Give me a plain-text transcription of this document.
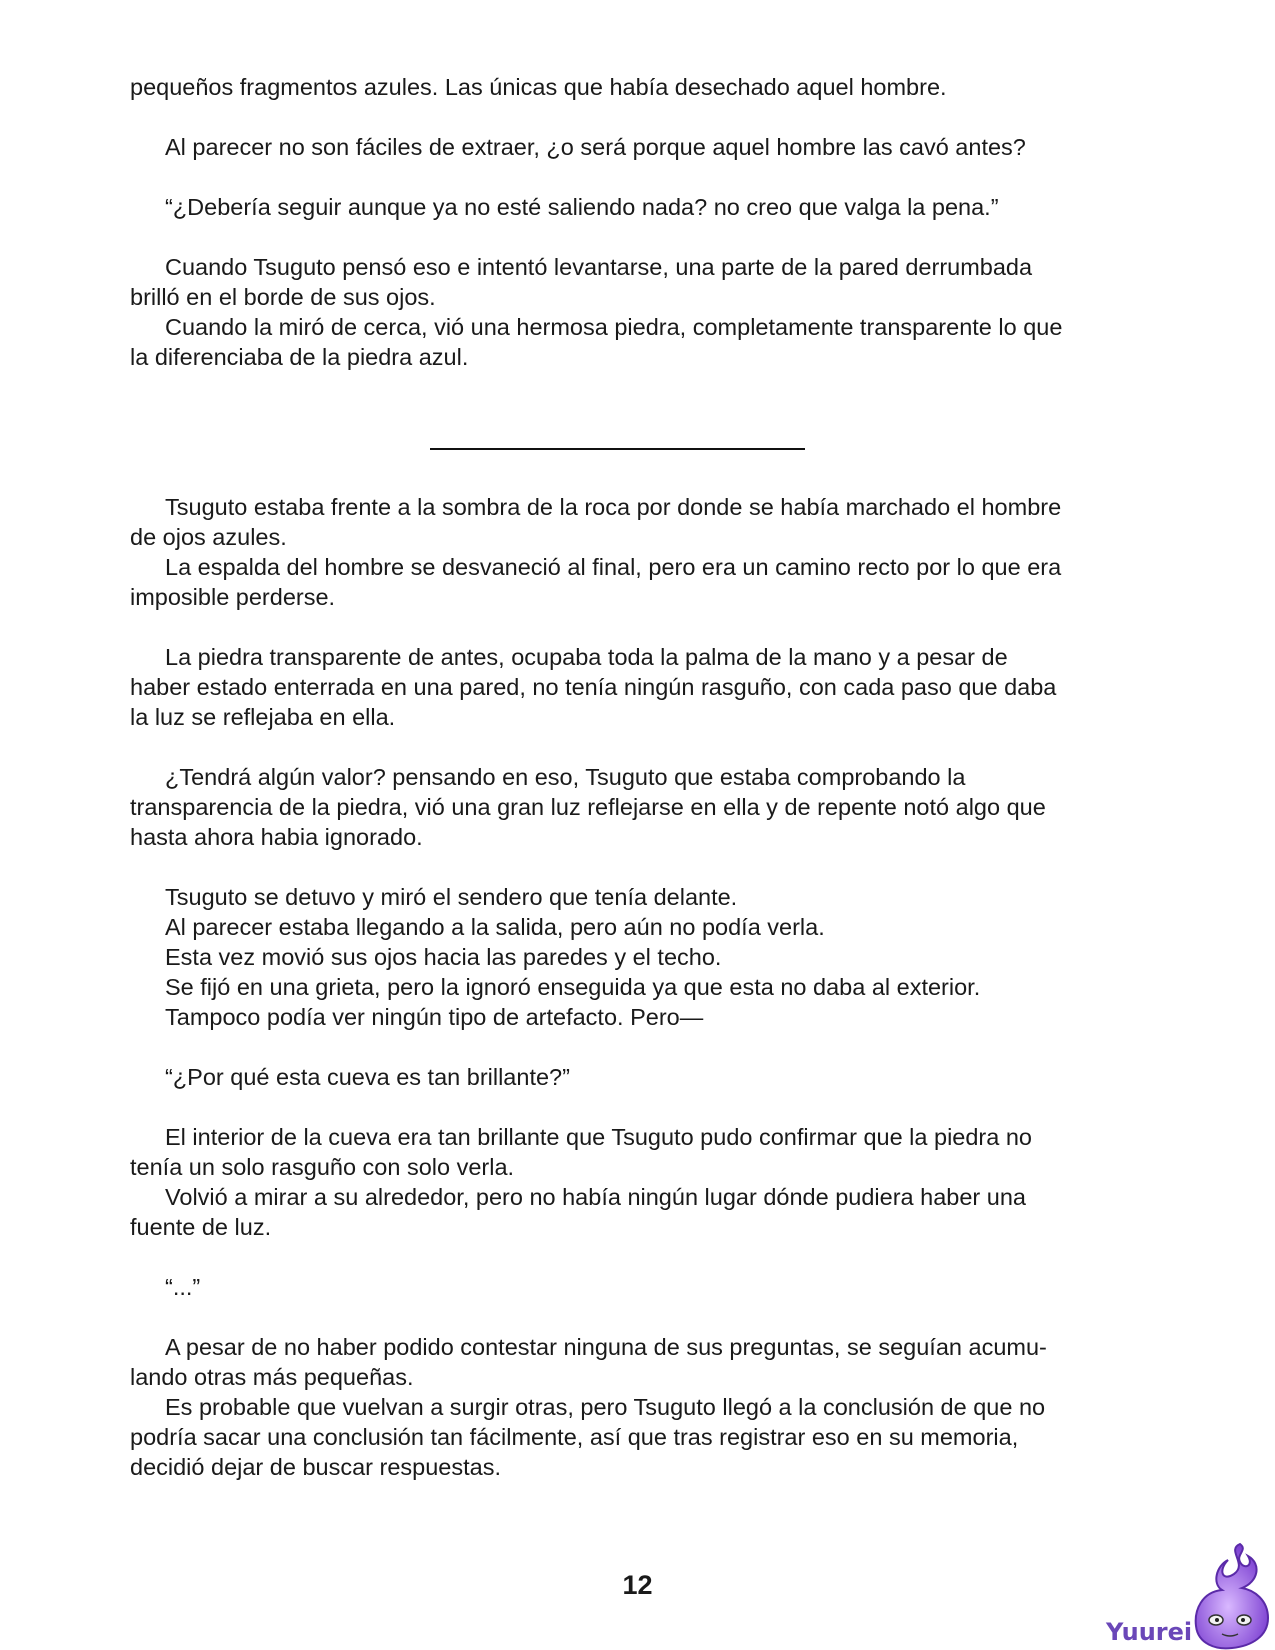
pequeños fragmentos azules. Las únicas que había desechado aquel hombre.
Al parecer no son fáciles de extraer, ¿o será porque aquel hombre las cavó antes?
“¿Debería seguir aunque ya no esté saliendo nada? no creo que valga la pena.”
Cuando Tsuguto pensó eso e intentó levantarse, una parte de la pared derrumbada
brilló en el borde de sus ojos.
Cuando la miró de cerca, vió una hermosa piedra, completamente transparente lo que
la diferenciaba de la piedra azul.
Tsuguto estaba frente a la sombra de la roca por donde se había marchado el hombre
de ojos azules.
La espalda del hombre se desvaneció al final, pero era un camino recto por lo que era
imposible perderse.
La piedra transparente de antes, ocupaba toda la palma de la mano y a pesar de
haber estado enterrada en una pared, no tenía ningún rasguño, con cada paso que daba
la luz se reflejaba en ella.
¿Tendrá algún valor? pensando en eso, Tsuguto que estaba comprobando la
transparencia de la piedra, vió una gran luz reflejarse en ella y de repente notó algo que
hasta ahora habia ignorado.
Tsuguto se detuvo y miró el sendero que tenía delante.
Al parecer estaba llegando a la salida, pero aún no podía verla.
Esta vez movió sus ojos hacia las paredes y el techo.
Se fijó en una grieta, pero la ignoró enseguida ya que esta no daba al exterior.
Tampoco podía ver ningún tipo de artefacto. Pero—
“¿Por qué esta cueva es tan brillante?”
El interior de la cueva era tan brillante que Tsuguto pudo confirmar que la piedra no
tenía un solo rasguño con solo verla.
Volvió a mirar a su alrededor, pero no había ningún lugar dónde pudiera haber una
fuente de luz.
“...”
A pesar de no haber podido contestar ninguna de sus preguntas, se seguían acumu-
lando otras más pequeñas.
Es probable que vuelvan a surgir otras, pero Tsuguto llegó a la conclusión de que no
podría sacar una conclusión tan fácilmente, así que tras registrar eso en su memoria,
decidió dejar de buscar respuestas.
12
Yuurei
